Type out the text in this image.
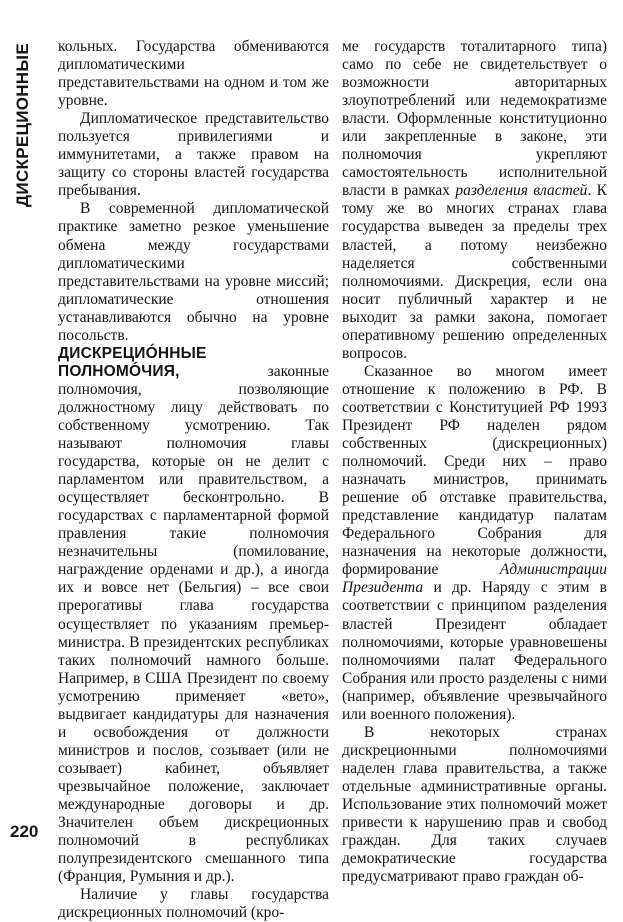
ДИСКРЕЦИОННЫЕ кольных. Государства обмениваются дипломатическими представительствами на одном и том же уровне.

Дипломатическое представительство пользуется привилегиями и иммунитетами, а также правом на защиту со стороны властей государства пребывания.

В современной дипломатической практике заметно резкое уменьшение обмена между государствами дипломатическими представительствами на уровне миссий; дипломатические отношения устанавливаются обычно на уровне посольств.

ДИСКРЕЦИÓННЫЕ ПОЛНОМÓЧИЯ, законные полномочия, позволяющие должностному лицу действовать по собственному усмотрению. Так называют полномочия главы государства, которые он не делит с парламентом или правительством, а осуществляет бесконтрольно. В государствах с парламентарной формой правления такие полномочия незначительны (помилование, награждение орденами и др.), а иногда их и вовсе нет (Бельгия) – все свои прерогативы глава государства осуществляет по указаниям премьер-министра. В президентских республиках таких полномочий намного больше. Например, в США Президент по своему усмотрению применяет «вето», выдвигает кандидатуры для назначения и освобождения от должности министров и послов, созывает (или не созывает) кабинет, объявляет чрезвычайное положение, заключает международные договоры и др. Значителен объем дискреционных полномочий в республиках полупрезидентского смешанного типа (Франция, Румыния и др.).

Наличие у главы государства дискреционных полномочий (кро-

ме государств тоталитарного типа) само по себе не свидетельствует о возможности авторитарных злоупотреблений или недемократизме власти. Оформленные конституционно или закрепленные в законе, эти полномочия укрепляют самостоятельность исполнительной власти в рамках разделения властей. К тому же во многих странах глава государства выведен за пределы трех властей, а потому неизбежно наделяется собственными полномочиями. Дискреция, если она носит публичный характер и не выходит за рамки закона, помогает оперативному решению определенных вопросов.

Сказанное во многом имеет отношение к положению в РФ. В соответствии с Конституцией РФ 1993 Президент РФ наделен рядом собственных (дискреционных) полномочий. Среди них – право назначать министров, принимать решение об отставке правительства, представление кандидатур палатам Федерального Собрания для назначения на некоторые должности, формирование Администрации Президента и др. Наряду с этим в соответствии с принципом разделения властей Президент обладает полномочиями, которые уравновешены полномочиями палат Федерального Собрания или просто разделены с ними (например, объявление чрезвычайного или военного положения).

В некоторых странах дискреционными полномочиями наделен глава правительства, а также отдельные административные органы. Использование этих полномочий может привести к нарушению прав и свобод граждан. Для таких случаев демократические государства предусматривают право граждан об-

220
